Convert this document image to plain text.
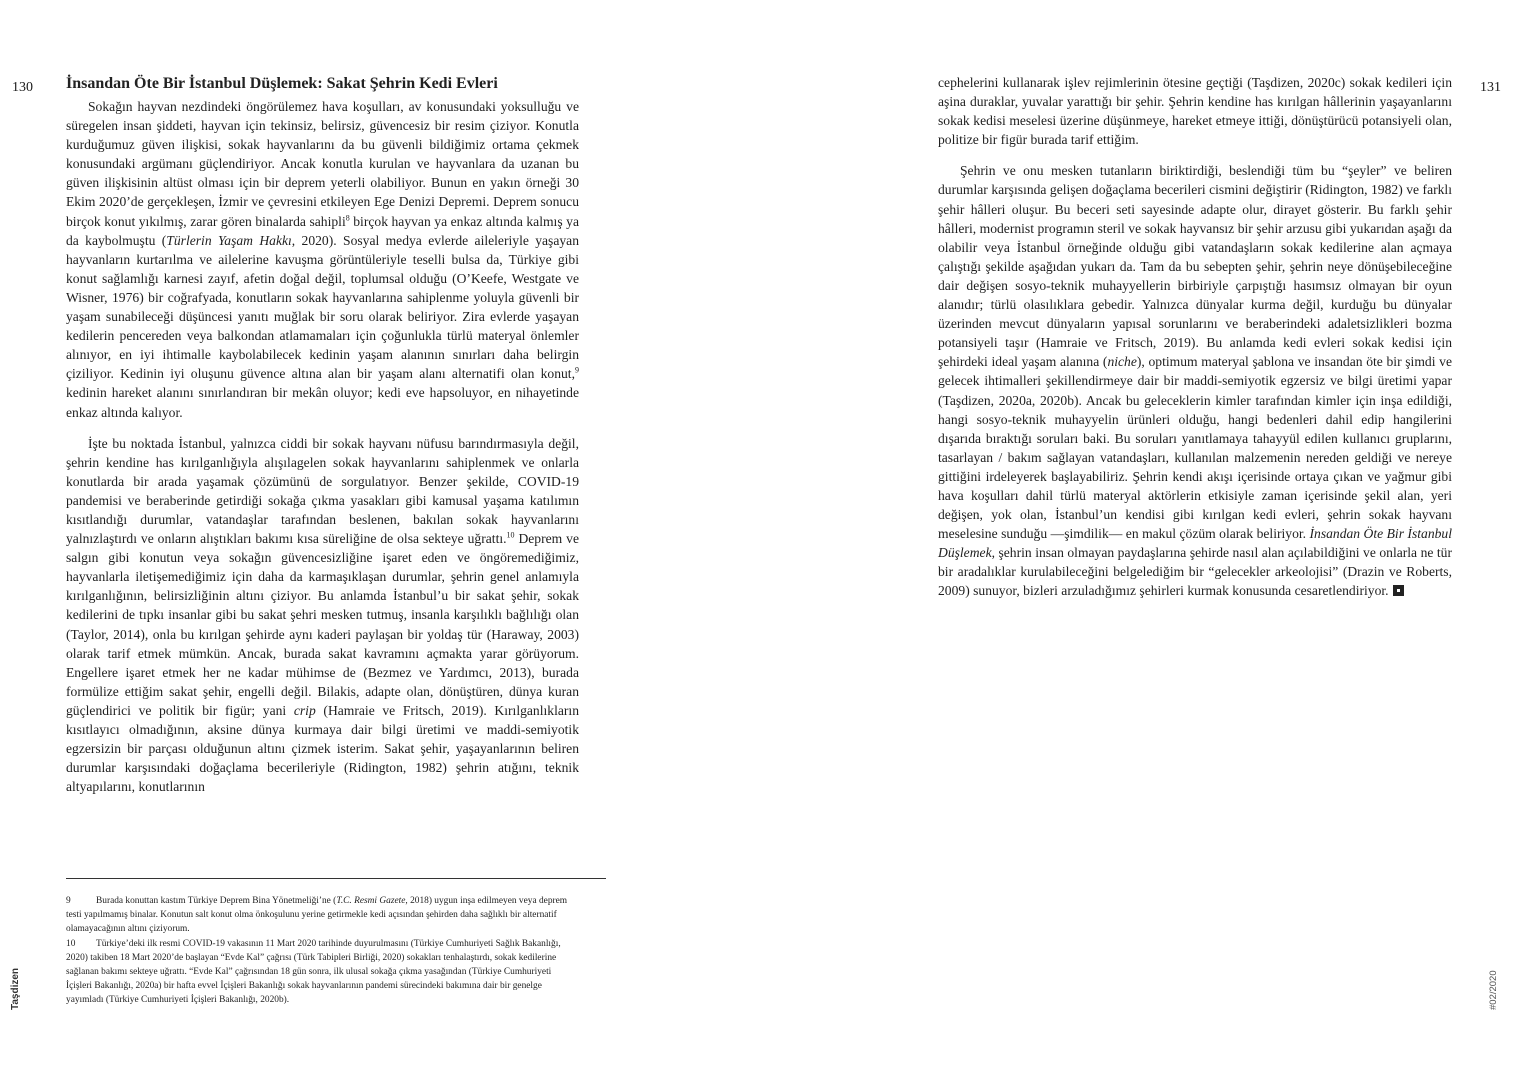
130	131
İnsandan Öte Bir İstanbul Düşlemek: Sakat Şehrin Kedi Evleri

Sokağın hayvan nezdindeki öngörülemez hava koşulları, av konusundaki yoksulluğu ve süregelen insan şiddeti, hayvan için tekinsiz, belirsiz, güvencesiz bir resim çiziyor. Konutla kurduğumuz güven ilişkisi, sokak hayvanlarını da bu güvenli bildiğimiz ortama çekmek konusundaki argümanı güçlendiriyor. Ancak konutla kurulan ve hayvanlara da uzanan bu güven ilişkisinin altüst olması için bir deprem yeterli olabiliyor. Bunun en yakın örneği 30 Ekim 2020’de gerçekleşen, İzmir ve çevresini etkileyen Ege Denizi Depremi. Deprem sonucu birçok konut yıkılmış, zarar gören binalarda sahipli$^8$ birçok hayvan ya enkaz altında kalmış ya da kaybolmuştu (Türlerin Yaşam Hakkı, 2020). Sosyal medya evlerde aileleriyle yaşayan hayvanların kurtarılma ve ailelerine kavuşma görüntüleriyle teselli bulsa da, Türkiye gibi konut sağlamlığı karnesi zayıf, afetin doğal değil, toplumsal olduğu (O’Keefe, Westgate ve Wisner, 1976) bir coğrafyada, konutların sokak hayvanlarına sahiplenme yoluyla güvenli bir yaşam sunabileceği düşüncesi yanıtı muğlak bir soru olarak beliriyor. Zira evlerde yaşayan kedilerin pencereden veya balkondan atlamamaları için çoğunlukla türlü materyal önlemler alınıyor, en iyi ihtimalle kaybolabilecek kedinin yaşam alanının sınırları daha belirgin çiziliyor. Kedinin iyi oluşunu güvence altına alan bir yaşam alanı alternatifi olan konut,$^9$ kedinin hareket alanını sınırlandıran bir mekân oluyor; kedi eve hapsoluyor, en nihayetinde enkaz altında kalıyor.

İşte bu noktada İstanbul, yalnızca ciddi bir sokak hayvanı nüfusu barındırmasıyla değil, şehrin kendine has kırılganlığıyla alışılagelen sokak hayvanlarını sahiplenmek ve onlarla konutlarda bir arada yaşamak çözümünü de sorgulatıyor. Benzer şekilde, COVID-19 pandemisi ve beraberinde getirdiği sokağa çıkma yasakları gibi kamusal yaşama katılımın kısıtlandığı durumlar, vatandaşlar tarafından beslenen, bakılan sokak hayvanlarını yalnızlaştırdı ve onların alıştıkları bakımı kısa süreliğine de olsa sekteye uğrattı.$^{10}$ Deprem ve salgın gibi konutun veya sokağın güvencesizliğine işaret eden ve öngöremediğimiz, hayvanlarla iletişemediğimiz için daha da karmaşıklaşan durumlar, şehrin genel anlamıyla kırılganlığının, belirsizliğinin altını çiziyor. Bu anlamda İstanbul’u bir sakat şehir, sokak kedilerini de tıpkı insanlar gibi bu sakat şehri mesken tutmuş, insanla karşılıklı bağlılığı olan (Taylor, 2014), onla bu kırılgan şehirde aynı kaderi paylaşan bir yoldaş tür (Haraway, 2003) olarak tarif etmek mümkün. Ancak, burada sakat kavramını açmakta yarar görüyorum. Engellere işaret etmek her ne kadar mühimse de (Bezmez ve Yardımcı, 2013), burada formülize ettiğim sakat şehir, engelli değil. Bilakis, adapte olan, dönüştüren, dünya kuran güçlendirici ve politik bir figür; yani crip (Hamraie ve Fritsch, 2019). Kırılganlıkların kısıtlayıcı olmadığının, aksine dünya kurmaya dair bilgi üretimi ve maddi-semiyotik egzersizin bir parçası olduğunun altını çizmek isterim. Sakat şehir, yaşayanlarının beliren durumlar karşısındaki doğaçlama becerileriyle (Ridington, 1982) şehrin atığını, teknik altyapılarını, konutlarının

9	Burada konuttan kastım Türkiye Deprem Bina Yönetmeliği’ne (T.C. Resmi Gazete, 2018) uygun inşa edilmeyen veya deprem testi yapılmamış binalar. Konutun salt konut olma önkoşulunu yerine getirmekle kedi açısından şehirden daha sağlıklı bir alternatif olamayacağının altını çiziyorum.

10 Türkiye’deki ilk resmi COVID-19 vakasının 11 Mart 2020 tarihinde duyurulmasını (Türkiye Cumhuriyeti Sağlık Bakanlığı, 2020) takiben 18 Mart 2020’de başlayan “Evde Kal” çağrısı (Türk Tabipleri Birliği, 2020) sokakları tenhalaştırdı, sokak kedilerine sağlanan bakımı sekteye uğrattı. “Evde Kal” çağrısından 18 gün sonra, ilk ulusal sokağa çıkma yasağından (Türkiye Cumhuriyeti İçişleri Bakanlığı, 2020a) bir hafta evvel İçişleri Bakanlığı sokak hayvanlarının pandemi sürecindeki bakımına dair bir genelge yayımladı (Türkiye Cumhuriyeti İçişleri Bakanlığı, 2020b).

cephelerini kullanarak işlev rejimlerinin ötesine geçtiği (Taşdizen, 2020c) sokak kedileri için aşina duraklar, yuvalar yarattığı bir şehir. Şehrin kendine has kırılgan hâllerinin yaşayanlarını sokak kedisi meselesi üzerine düşünmeye, hareket etmeye ittiği, dönüştürücü potansiyeli olan, politize bir figür burada tarif ettiğim.

Şehrin ve onu mesken tutanların biriktirdiği, beslendiği tüm bu “şeyler” ve beliren durumlar karşısında gelişen doğaçlama becerileri cismini değiştirir (Ridington, 1982) ve farklı şehir hâlleri oluşur. Bu beceri seti sayesinde adapte olur, dirayet gösterir. Bu farklı şehir hâlleri, modernist programın steril ve sokak hayvansız bir şehir arzusu gibi yukarıdan aşağı da olabilir veya İstanbul örneğinde olduğu gibi vatandaşların sokak kedilerine alan açmaya çalıştığı şekilde aşağıdan yukarı da. Tam da bu sebepten şehir, şehrin neye dönüşebileceğine dair değişen sosyo-teknik muhayyellerin birbiriyle çarpıştığı hasımsız olmayan bir oyun alanıdır; türlü olasılıklara gebedir. Yalnızca dünyalar kurma değil, kurduğu bu dünyalar üzerinden mevcut dünyaların yapısal sorunlarını ve beraberindeki adaletsizlikleri bozma potansiyeli taşır (Hamraie ve Fritsch, 2019). Bu anlamda kedi evleri sokak kedisi için şehirdeki ideal yaşam alanına (niche), optimum materyal şablona ve insandan öte bir şimdi ve gelecek ihtimalleri şekillendirmeye dair bir maddi-semiyotik egzersiz ve bilgi üretimi yapar (Taşdizen, 2020a, 2020b). Ancak bu geleceklerin kimler tarafından kimler için inşa edildiği, hangi sosyo-teknik muhayyelin ürünleri olduğu, hangi bedenleri dahil edip hangilerini dışarıda bıraktığı soruları baki. Bu soruları yanıtlamaya tahayyül edilen kullanıcı gruplarını, tasarlayan / bakım sağlayan vatandaşları, kullanılan malzemenin nereden geldiği ve nereye gittiğini irdeleyerek başlayabiliriz. Şehrin kendi akışı içerisinde ortaya çıkan ve yağmur gibi hava koşulları dahil türlü materyal aktörlerin etkisiyle zaman içerisinde şekil alan, yeri değişen, yok olan, İstanbul’un kendisi gibi kırılgan kedi evleri, şehrin sokak hayvanı meselesine sunduğu —şimdilik— en makul çözüm olarak beliriyor. İnsandan Öte Bir İstanbul Düşlemek, şehrin insan olmayan paydaşlarına şehirde nasıl alan açılabildiğini ve onlarla ne tür bir aradalıklar kurulabileceğini belgelediğim bir “gelecekler arkeolojisi” (Drazin ve Roberts, 2009) sunuyor, bizleri arzuladığımız şehirleri kurmak konusunda cesaretlendiriyor.

Taşdizen	#02/2020
